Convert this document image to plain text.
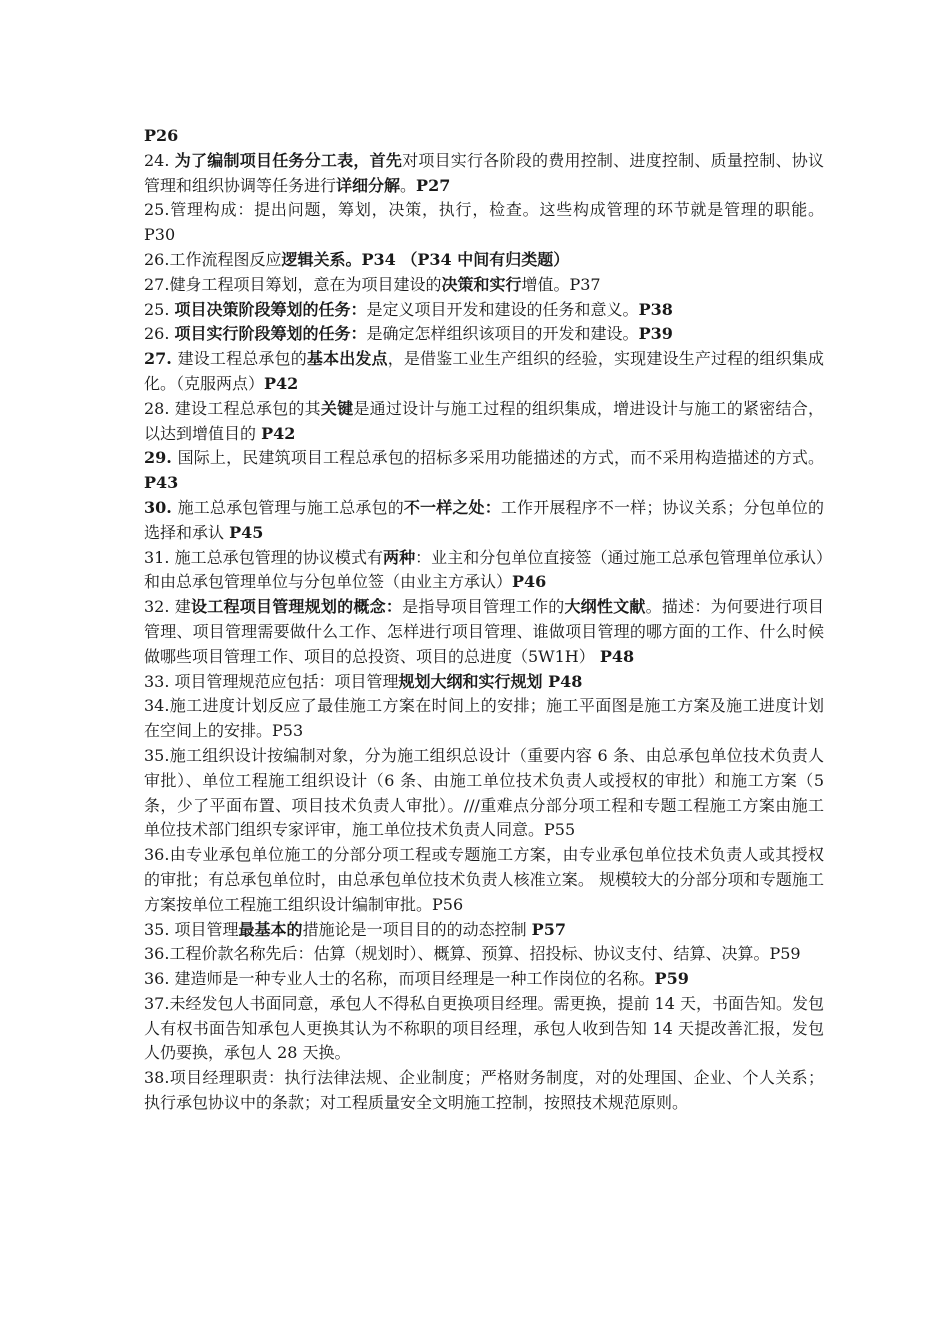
P26
24. 为了编制项目任务分工表，首先对项目实行各阶段的费用控制、进度控制、质量控制、协议管理和组织协调等任务进行详细分解。P27
25.管理构成：提出问题，筹划，决策，执行，检查。这些构成管理的环节就是管理的职能。P30
26.工作流程图反应逻辑关系。P34 （P34 中间有归类题）
27.健身工程项目筹划，意在为项目建设的决策和实行增值。P37
25. 项目决策阶段筹划的任务：是定义项目开发和建设的任务和意义。P38
26. 项目实行阶段筹划的任务：是确定怎样组织该项目的开发和建设。P39
27. 建设工程总承包的基本出发点，是借鉴工业生产组织的经验，实现建设生产过程的组织集成化。（克服两点）P42
28. 建设工程总承包的其关键是通过设计与施工过程的组织集成，增进设计与施工的紧密结合，以达到增值目的 P42
29. 国际上，民建筑项目工程总承包的招标多采用功能描述的方式，而不采用构造描述的方式。P43
30. 施工总承包管理与施工总承包的不一样之处：工作开展程序不一样；协议关系；分包单位的选择和承认 P45
31. 施工总承包管理的协议模式有两种：业主和分包单位直接签（通过施工总承包管理单位承认）和由总承包管理单位与分包单位签（由业主方承认）P46
32. 建设工程项目管理规划的概念：是指导项目管理工作的大纲性文献。描述：为何要进行项目管理、项目管理需要做什么工作、怎样进行项目管理、谁做项目管理的哪方面的工作、什么时候做哪些项目管理工作、项目的总投资、项目的总进度（5W1H） P48
33. 项目管理规范应包括：项目管理规划大纲和实行规划 P48
34.施工进度计划反应了最佳施工方案在时间上的安排；施工平面图是施工方案及施工进度计划在空间上的安排。P53
35.施工组织设计按编制对象，分为施工组织总设计（重要内容 6 条、由总承包单位技术负责人审批）、单位工程施工组织设计（6 条、由施工单位技术负责人或授权的审批）和施工方案（5 条，少了平面布置、项目技术负责人审批）。///重难点分部分项工程和专题工程施工方案由施工单位技术部门组织专家评审，施工单位技术负责人同意。P55
36.由专业承包单位施工的分部分项工程或专题施工方案，由专业承包单位技术负责人或其授权的审批；有总承包单位时，由总承包单位技术负责人核准立案。 规模较大的分部分项和专题施工方案按单位工程施工组织设计编制审批。P56
35. 项目管理最基本的措施论是一项目目的的动态控制 P57
36.工程价款名称先后：估算（规划时）、概算、预算、招投标、协议支付、结算、决算。P59
36. 建造师是一种专业人士的名称，而项目经理是一种工作岗位的名称。P59
37.未经发包人书面同意，承包人不得私自更换项目经理。需更换，提前 14 天，书面告知。发包人有权书面告知承包人更换其认为不称职的项目经理，承包人收到告知 14 天提改善汇报，发包人仍要换，承包人 28 天换。
38.项目经理职责：执行法律法规、企业制度；严格财务制度，对的处理国、企业、个人关系；执行承包协议中的条款；对工程质量安全文明施工控制，按照技术规范原则。
